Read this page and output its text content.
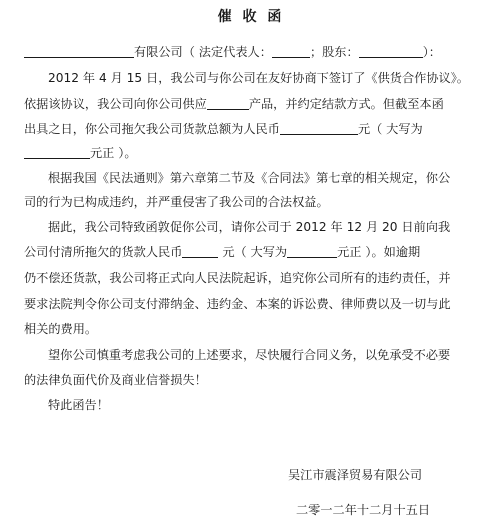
催 收 函
有限公司（ 法定代表人：	；股东：	）：
2012 年 4 月 15 日，我公司与你公司在友好协商下签订了《供货合作协议》。
依据该协议，我公司向你公司供应	产品，并约定结款方式。但截至本函
出具之日，你公司拖欠我公司货款总额为人民币	元（ 大写为
元正 ）。
根据我国《民法通则》第六章第二节及《合同法》第七章的相关规定，你公
司的行为已构成违约，并严重侵害了我公司的合法权益。
据此，我公司特致函敦促你公司，请你公司于 2012 年 12 月 20 日前向我
公司付清所拖欠的货款人民币	元（ 大写为	元正 ）。如逾期
仍不偿还货款，我公司将正式向人民法院起诉，追究你公司所有的违约责任，并
要求法院判令你公司支付滞纳金、违约金、本案的诉讼费、律师费以及一切与此
相关的费用。
望你公司慎重考虑我公司的上述要求，尽快履行合同义务，以免承受不必要
的法律负面代价及商业信誉损失！
特此函告！
吴江市震泽贸易有限公司
二零一二年十二月十五日
